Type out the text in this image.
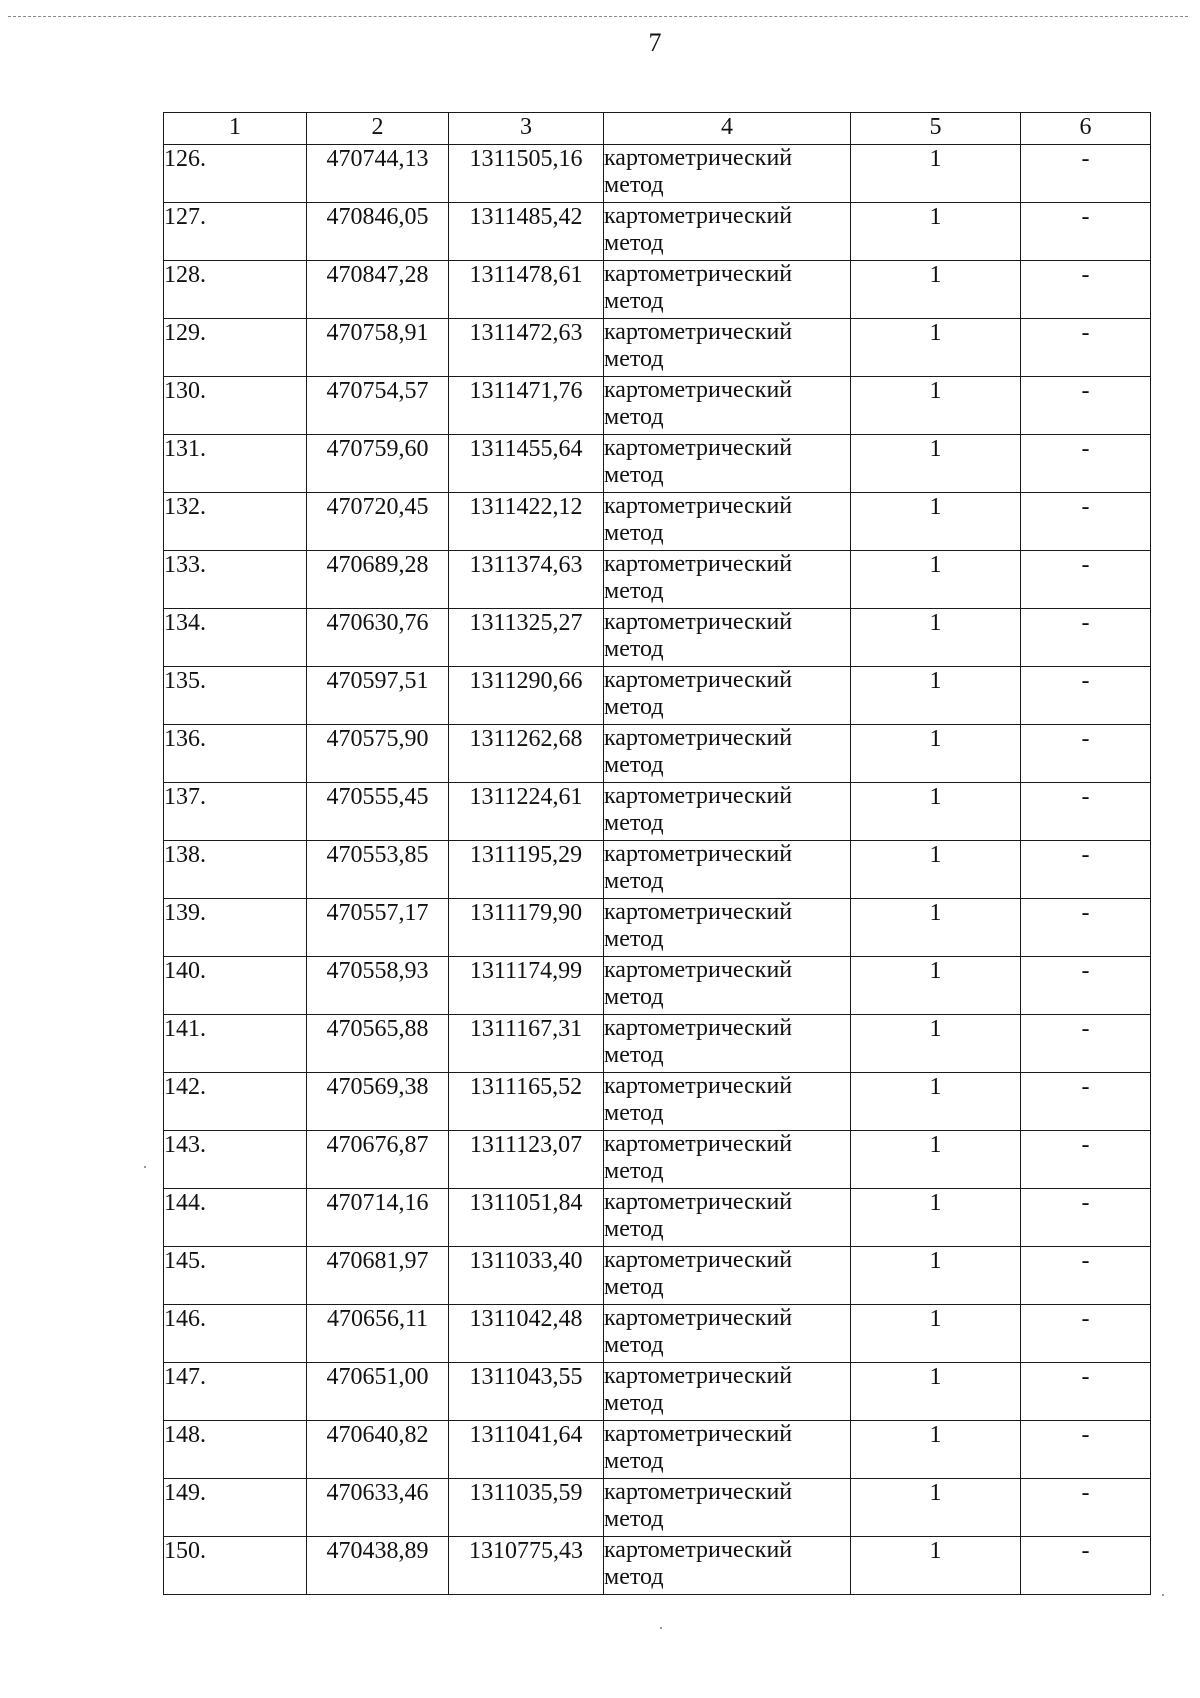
7
1	2	3	4	5	6
126.	470744,13	1311505,16	картометрический метод	1	-
127.	470846,05	1311485,42	картометрический метод	1	-
128.	470847,28	1311478,61	картометрический метод	1	-
129.	470758,91	1311472,63	картометрический метод	1	-
130.	470754,57	1311471,76	картометрический метод	1	-
131.	470759,60	1311455,64	картометрический метод	1	-
132.	470720,45	1311422,12	картометрический метод	1	-
133.	470689,28	1311374,63	картометрический метод	1	-
134.	470630,76	1311325,27	картометрический метод	1	-
135.	470597,51	1311290,66	картометрический метод	1	-
136.	470575,90	1311262,68	картометрический метод	1	-
137.	470555,45	1311224,61	картометрический метод	1	-
138.	470553,85	1311195,29	картометрический метод	1	-
139.	470557,17	1311179,90	картометрический метод	1	-
140.	470558,93	1311174,99	картометрический метод	1	-
141.	470565,88	1311167,31	картометрический метод	1	-
142.	470569,38	1311165,52	картометрический метод	1	-
143.	470676,87	1311123,07	картометрический метод	1	-
144.	470714,16	1311051,84	картометрический метод	1	-
145.	470681,97	1311033,40	картометрический метод	1	-
146.	470656,11	1311042,48	картометрический метод	1	-
147.	470651,00	1311043,55	картометрический метод	1	-
148.	470640,82	1311041,64	картометрический метод	1	-
149.	470633,46	1311035,59	картометрический метод	1	-
150.	470438,89	1310775,43	картометрический метод	1	-
